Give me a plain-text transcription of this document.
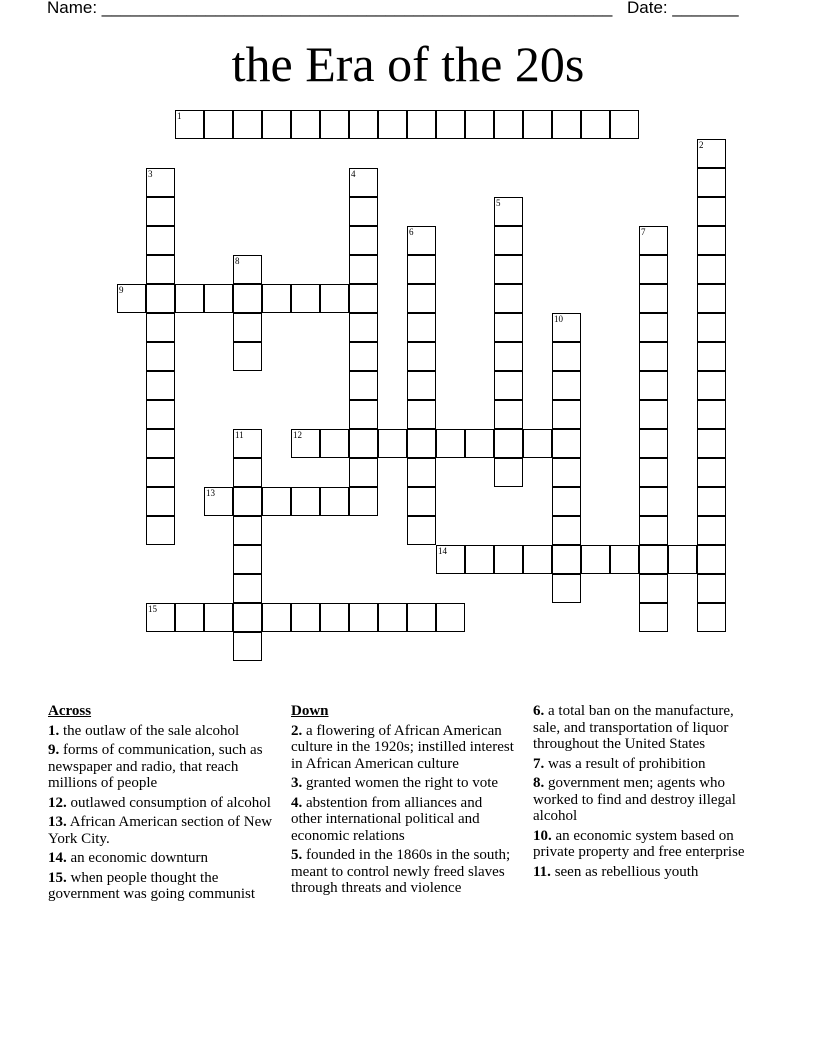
Name: ______________________________________________________ Date: _______
the Era of the 20s
1
2
3	4
5
6	7
8
9
10
11	12
13
14
15
Across
1. the outlaw of the sale alcohol
9. forms of communication, such as newspaper and radio, that reach millions of people
12. outlawed consumption of alcohol
13. African American section of New York City.
14. an economic downturn
15. when people thought the government was going communist
Down
2. a flowering of African American culture in the 1920s; instilled interest in African American culture
3. granted women the right to vote
4. abstention from alliances and other international political and economic relations
5. founded in the 1860s in the south; meant to control newly freed slaves through threats and violence
6. a total ban on the manufacture, sale, and transportation of liquor throughout the United States
7. was a result of prohibition
8. government men; agents who worked to find and destroy illegal alcohol
10. an economic system based on private property and free enterprise
11. seen as rebellious youth
